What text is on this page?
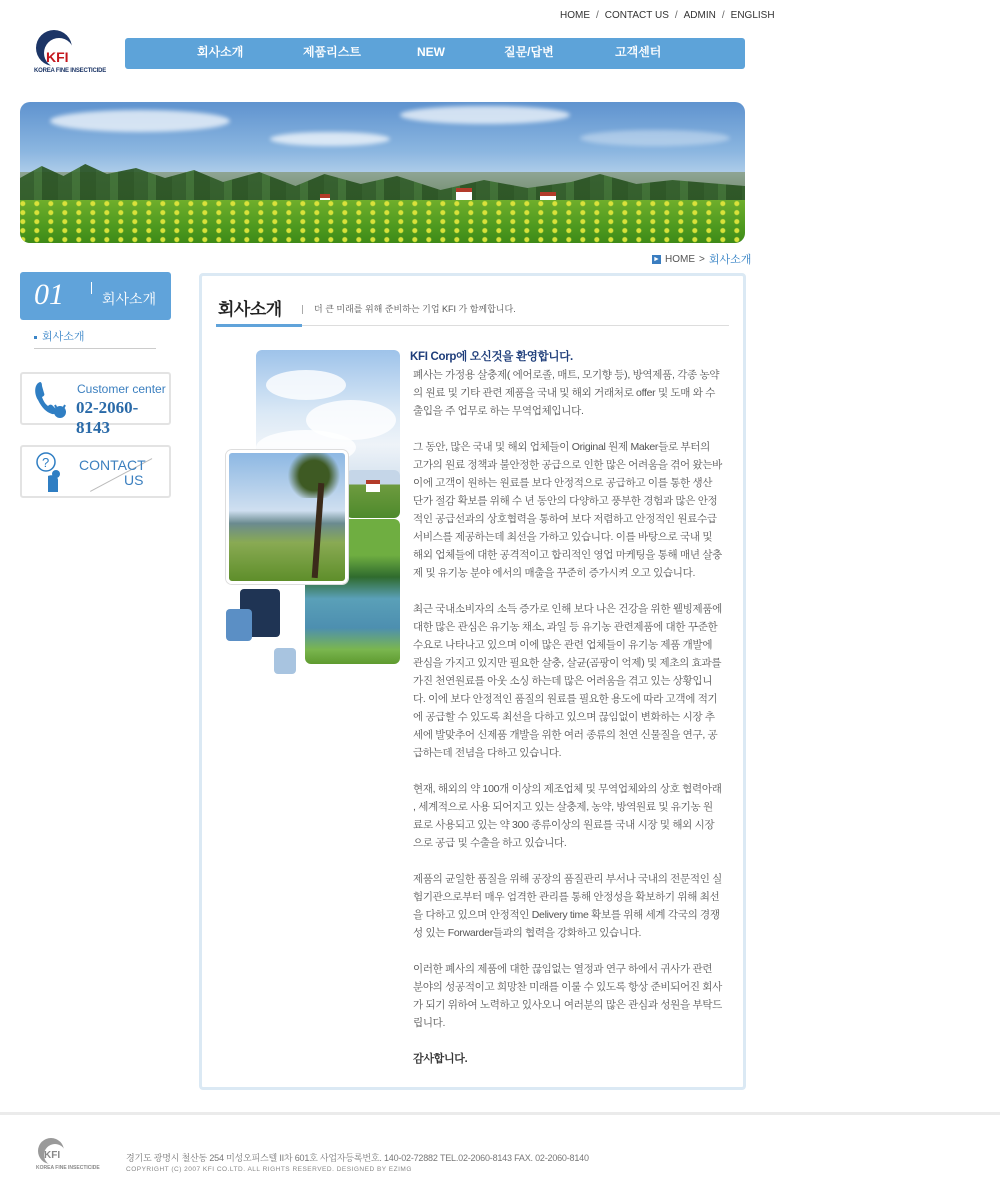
HOME / CONTACT US / ADMIN / ENGLISH
KFI
KOREA FINE INSECTICIDE
회사소개	제품리스트	NEW	질문/답변	고객센터
► HOME > 회사소개
01	회사소개
회사소개
Customer center
02-2060-8143
? CONTACT
US
회사소개	더 큰 미래를 위해 준비하는 기업 KFI 가 함께합니다.
KFI Corp에 오신것을 환영합니다.

폐사는 가정용 살충제( 에어로졸, 매트, 모기향 등), 방역제품, 각종 농약의 원료 및 기타 관련 제품을 국내 및 해외 거래처로 offer 및 도매 와 수출입을 주 업무로 하는 무역업체입니다.

그 동안, 많은 국내 및 해외 업체들이 Original 원제 Maker들로 부터의 고가의 원료 정책과 불안정한 공급으로 인한 많은 어려움을 겪어 왔는바 이에 고객이 원하는 원료를 보다 안정적으로 공급하고 이를 통한 생산 단가 절감 확보를 위해 수 년 동안의 다양하고 풍부한 경험과 많은 안정적인 공급선과의 상호협력을 통하여 보다 저렴하고 안정적인 원료수급 서비스를 제공하는데 최선을 가하고 있습니다. 이를 바탕으로 국내 및 해외 업체들에 대한 공격적이고 합리적인 영업 마케팅을 통해 매년 살충제 및 유기농 분야 에서의 매출을 꾸준히 증가시켜 오고 있습니다.

최근 국내소비자의 소득 증가로 인해 보다 나은 건강을 위한 웰빙제품에 대한 많은 관심은 유기농 채소, 과일 등 유기농 관련제품에 대한 꾸준한 수요로 나타나고 있으며 이에 많은 관련 업체들이 유기농 제품 개발에 관심을 가지고 있지만 필요한 살충, 살균(곰팡이 억제) 및 제초의 효과를 가진 천연원료를 아웃 소싱 하는데 많은 어려움을 겪고 있는 상황입니다. 이에 보다 안정적인 품질의 원료를 필요한 용도에 따라 고객에 적기에 공급할 수 있도록 최선을 다하고 있으며 끊임없이 변화하는 시장 추세에 발맞추어 신제품 개발을 위한 여러 종류의 천연 신물질을 연구, 공급하는데 전념을 다하고 있습니다.

현재, 해외의 약 100개 이상의 제조업체 및 무역업체와의 상호 협력아래 , 세계적으로 사용 되어지고 있는 살충제, 농약, 방역원료 및 유기농 원료로 사용되고 있는 약 300 종류이상의 원료를 국내 시장 및 해외 시장으로 공급 및 수출을 하고 있습니다.

제품의 균일한 품질을 위해 공장의 품질관리 부서나 국내의 전문적인 실험기관으로부터 매우 엄격한 관리를 통해 안정성을 확보하기 위해 최선을 다하고 있으며 안정적인 Delivery time 확보를 위해 세계 각국의 경쟁성 있는 Forwarder들과의 협력을 강화하고 있습니다.

이러한 폐사의 제품에 대한 끊임없는 열정과 연구 하에서 귀사가 관련 분야의 성공적이고 희망찬 미래를 이룰 수 있도록 항상 준비되어진 회사가 되기 위하여 노력하고 있사오니 여러분의 많은 관심과 성원을 부탁드립니다.

감사합니다.
KFI
KOREA FINE INSECTICIDE
경기도 광명시 철산동 254 미성오피스텔 II차 601호 사업자등록번호. 140-02-72882 TEL.02-2060-8143 FAX. 02-2060-8140
COPYRIGHT (C) 2007 KFI CO.LTD. ALL RIGHTS RESERVED. DESIGNED BY EZIMG
